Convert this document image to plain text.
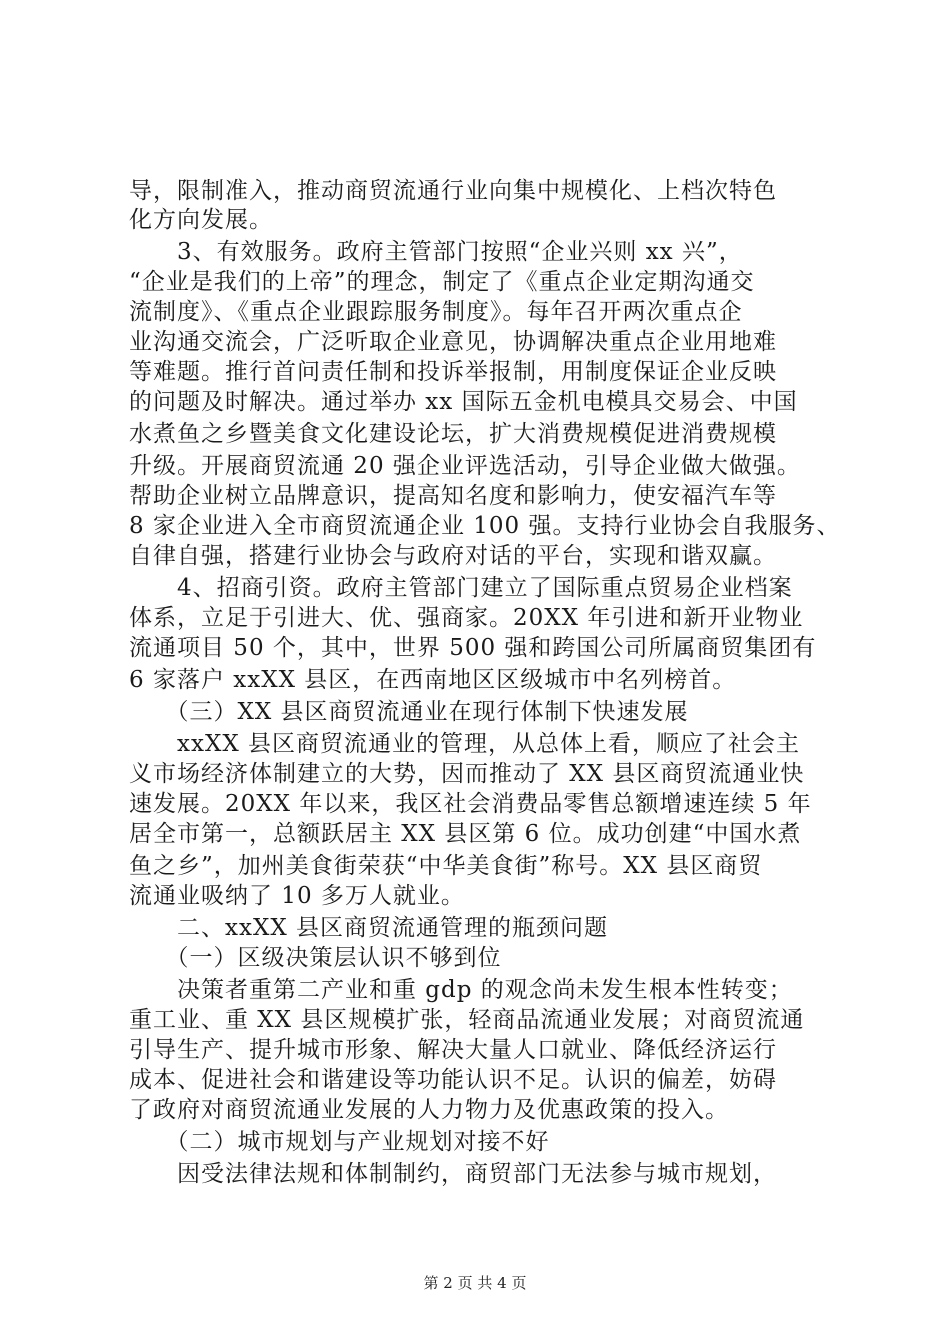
导，限制准入，推动商贸流通行业向集中规模化、上档次特色
化方向发展。
　　3、有效服务。政府主管部门按照“企业兴则 xx 兴”，
“企业是我们的上帝”的理念，制定了《重点企业定期沟通交
流制度》、《重点企业跟踪服务制度》。每年召开两次重点企
业沟通交流会，广泛听取企业意见，协调解决重点企业用地难
等难题。推行首问责任制和投诉举报制，用制度保证企业反映
的问题及时解决。通过举办 xx 国际五金机电模具交易会、中国
水煮鱼之乡暨美食文化建设论坛，扩大消费规模促进消费规模
升级。开展商贸流通 20 强企业评选活动，引导企业做大做强。
帮助企业树立品牌意识，提高知名度和影响力，使安福汽车等
8 家企业进入全市商贸流通企业 100 强。支持行业协会自我服务、
自律自强，搭建行业协会与政府对话的平台，实现和谐双赢。
　　4、招商引资。政府主管部门建立了国际重点贸易企业档案
体系，立足于引进大、优、强商家。20XX 年引进和新开业物业
流通项目 50 个，其中，世界 500 强和跨国公司所属商贸集团有
6 家落户 xxXX 县区，在西南地区区级城市中名列榜首。
　　（三）XX 县区商贸流通业在现行体制下快速发展
　　xxXX 县区商贸流通业的管理，从总体上看，顺应了社会主
义市场经济体制建立的大势，因而推动了 XX 县区商贸流通业快
速发展。20XX 年以来，我区社会消费品零售总额增速连续 5 年
居全市第一，总额跃居主 XX 县区第 6 位。成功创建“中国水煮
鱼之乡”，加州美食街荣获“中华美食街”称号。XX 县区商贸
流通业吸纳了 10 多万人就业。
　　二、xxXX 县区商贸流通管理的瓶颈问题
　　（一）区级决策层认识不够到位
　　决策者重第二产业和重 gdp 的观念尚未发生根本性转变；
重工业、重 XX 县区规模扩张，轻商品流通业发展；对商贸流通
引导生产、提升城市形象、解决大量人口就业、降低经济运行
成本、促进社会和谐建设等功能认识不足。认识的偏差，妨碍
了政府对商贸流通业发展的人力物力及优惠政策的投入。
　　（二）城市规划与产业规划对接不好
　　因受法律法规和体制制约，商贸部门无法参与城市规划，
第 2 页 共 4 页
